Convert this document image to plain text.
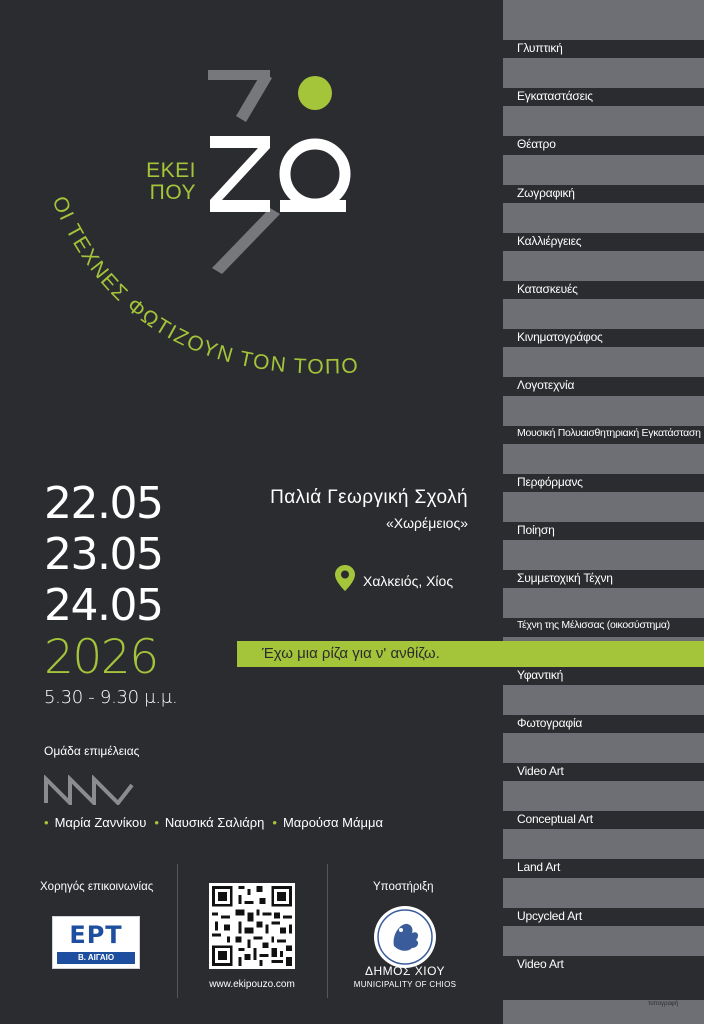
Γλυπτική
Εγκαταστάσεις
Θέατρο
Ζωγραφική
Καλλιέργειες
Κατασκευές
Κινηματογράφος
Λογοτεχνία
Μουσική Πολυαισθητηριακή Εγκατάσταση
Περφόρμανς
Ποίηση
Συμμετοχική Τέχνη
Τέχνη της Μέλισσας (οικοσύστημα)
Υφαντική
Φωτογραφία
Video Art
Conceptual Art
Land Art
Upcycled Art
Video Art
ΕΚΕΙ
ΠΟΥ
ΟΙ ΤΕΧΝΕΣ ΦΩΤΙΖΟΥΝ ΤΟΝ ΤΟΠΟ
22.05
23.05
24.05
2026
5.30 - 9.30 μ.μ.
Παλιά Γεωργική Σχολή
«Χωρέμειος»
Χαλκειός, Χίος
Έχω μια ρίζα για ν' ανθίζω.
Ομάδα επιμέλειας
• Μαρία Ζαννίκου • Ναυσικά Σαλιάρη • Μαρούσα Μάμμα
Χορηγός επικοινωνίας
ΕΡΤ
Β. ΑΙΓΑΙΟ
www.ekipouzo.com
Υποστήριξη
ΔΗΜΟΣ ΧΙΟΥ
MUNICIPALITY OF CHIOS
τυπογραφή
